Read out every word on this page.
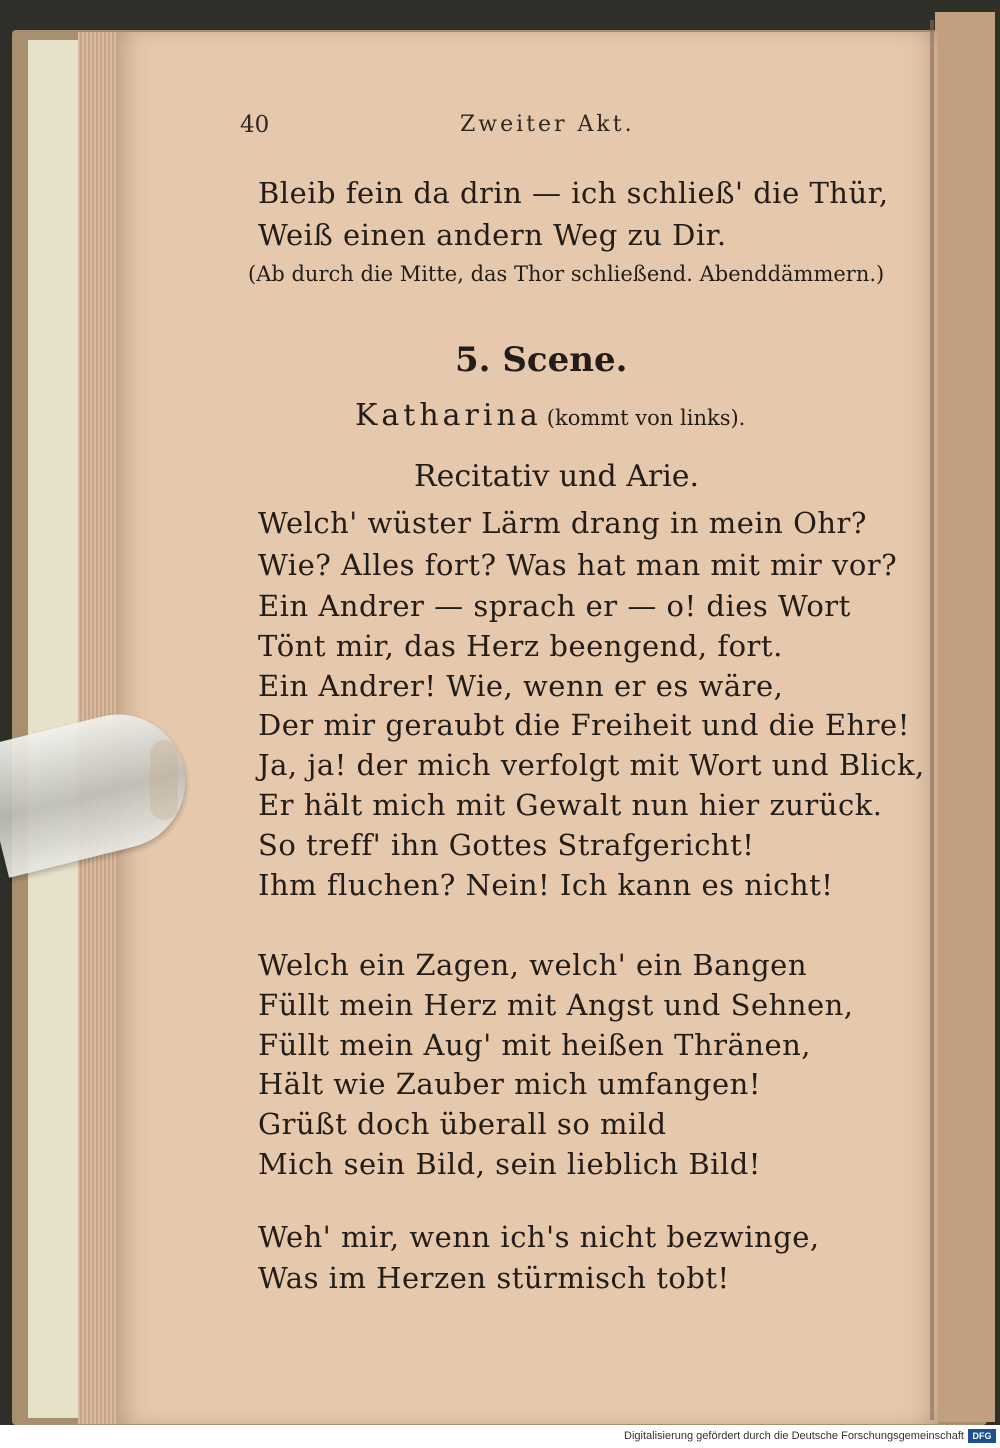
40	Zweiter Akt.
Bleib fein da drin — ich schließ' die Thür,
Weiß einen andern Weg zu Dir.
(Ab durch die Mitte, das Thor schließend. Abenddämmern.)
5. Scene.
Katharina (kommt von links).
Recitativ und Arie.
Welch' wüster Lärm drang in mein Ohr?
Wie? Alles fort? Was hat man mit mir vor?
Ein Andrer — sprach er — o! dies Wort
Tönt mir, das Herz beengend, fort.
Ein Andrer! Wie, wenn er es wäre,
Der mir geraubt die Freiheit und die Ehre!
Ja, ja! der mich verfolgt mit Wort und Blick,
Er hält mich mit Gewalt nun hier zurück.
So treff' ihn Gottes Strafgericht!
Ihm fluchen? Nein! Ich kann es nicht!
Welch ein Zagen, welch' ein Bangen
Füllt mein Herz mit Angst und Sehnen,
Füllt mein Aug' mit heißen Thränen,
Hält wie Zauber mich umfangen!
Grüßt doch überall so mild
Mich sein Bild, sein lieblich Bild!
Weh' mir, wenn ich's nicht bezwinge,
Was im Herzen stürmisch tobt!
Digitalisierung gefördert durch die Deutsche Forschungsgemeinschaft DFG
